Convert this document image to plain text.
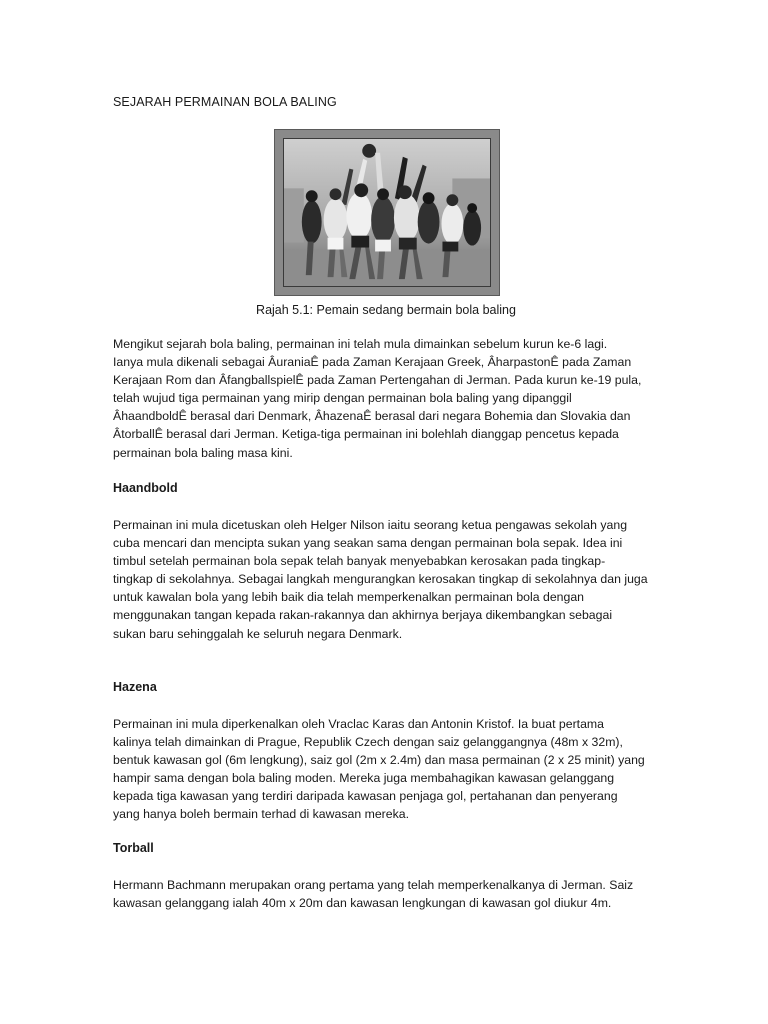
SEJARAH PERMAINAN BOLA BALING
Rajah 5.1: Pemain sedang bermain bola baling

Mengikut sejarah bola baling, permainan ini telah mula dimainkan sebelum kurun ke-6 lagi.
Ianya mula dikenali sebagai ÂuraniaÊ pada Zaman Kerajaan Greek, ÂharpastonÊ pada Zaman
Kerajaan Rom dan ÂfangballspielÊ pada Zaman Pertengahan di Jerman. Pada kurun ke-19 pula,
telah wujud tiga permainan yang mirip dengan permainan bola baling yang dipanggil
ÂhaandboldÊ berasal dari Denmark, ÂhazenaÊ berasal dari negara Bohemia dan Slovakia dan
ÂtorballÊ berasal dari Jerman. Ketiga-tiga permainan ini bolehlah dianggap pencetus kepada
permainan bola baling masa kini.

Haandbold

Permainan ini mula dicetuskan oleh Helger Nilson iaitu seorang ketua pengawas sekolah yang
cuba mencari dan mencipta sukan yang seakan sama dengan permainan bola sepak. Idea ini
timbul setelah permainan bola sepak telah banyak menyebabkan kerosakan pada tingkap-
tingkap di sekolahnya. Sebagai langkah mengurangkan kerosakan tingkap di sekolahnya dan juga
untuk kawalan bola yang lebih baik dia telah memperkenalkan permainan bola dengan
menggunakan tangan kepada rakan-rakannya dan akhirnya berjaya dikembangkan sebagai
sukan baru sehinggalah ke seluruh negara Denmark.

Hazena

Permainan ini mula diperkenalkan oleh Vraclac Karas dan Antonin Kristof. Ia buat pertama
kalinya telah dimainkan di Prague, Republik Czech dengan saiz gelanggangnya (48m x 32m),
bentuk kawasan gol (6m lengkung), saiz gol (2m x 2.4m) dan masa permainan (2 x 25 minit) yang
hampir sama dengan bola baling moden. Mereka juga membahagikan kawasan gelanggang
kepada tiga kawasan yang terdiri daripada kawasan penjaga gol, pertahanan dan penyerang
yang hanya boleh bermain terhad di kawasan mereka.

Torball

Hermann Bachmann merupakan orang pertama yang telah memperkenalkanya di Jerman. Saiz
kawasan gelanggang ialah 40m x 20m dan kawasan lengkungan di kawasan gol diukur 4m.
